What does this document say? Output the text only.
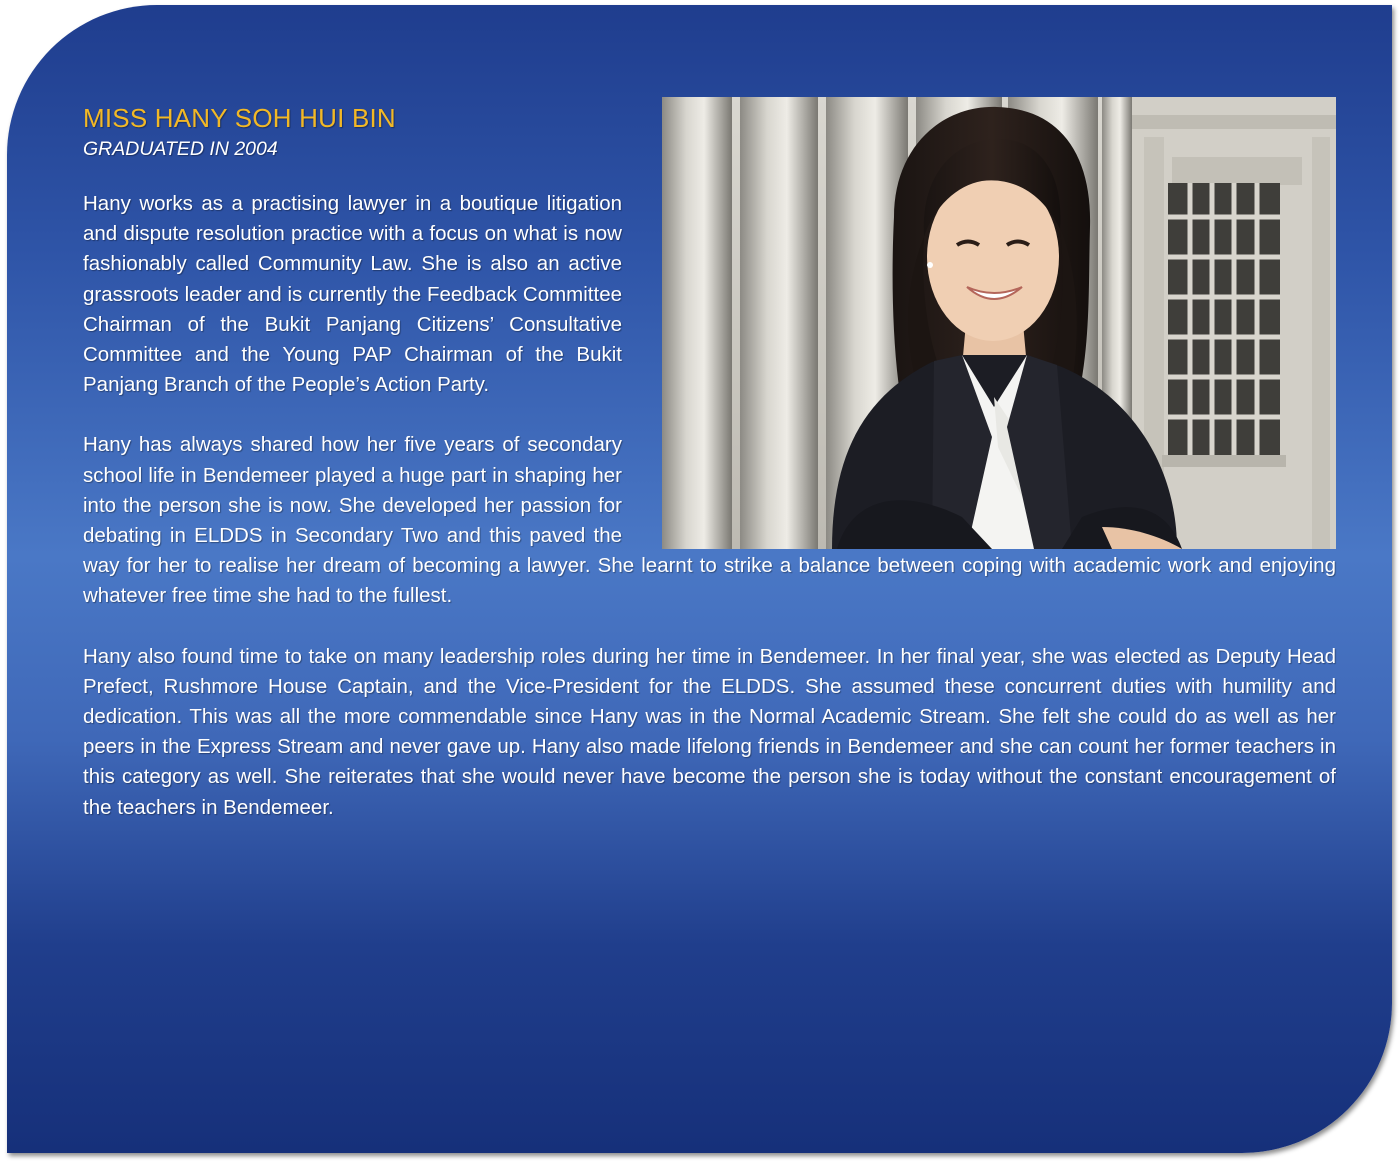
MISS HANY SOH HUI BIN
GRADUATED IN 2004

Hany works as a practising lawyer in a boutique litigation and dispute resolution practice with a focus on what is now fashionably called Community Law. She is also an active grassroots leader and is currently the Feedback Committee Chairman of the Bukit Panjang Citizens’ Consultative Committee and the Young PAP Chairman of the Bukit Panjang Branch of the People’s Action Party.

Hany has always shared how her five years of secondary school life in Bendemeer played a huge part in shaping her into the person she is now. She developed her passion for debating in ELDDS in Secondary Two and this paved the way for her to realise her dream of becoming a lawyer. She learnt to strike a balance between coping with academic work and enjoying whatever free time she had to the fullest.

Hany also found time to take on many leadership roles during her time in Bendemeer. In her final year, she was elected as Deputy Head Prefect, Rushmore House Captain, and the Vice-President for the ELDDS. She assumed these concurrent duties with humility and dedication. This was all the more commendable since Hany was in the Normal Academic Stream. She felt she could do as well as her peers in the Express Stream and never gave up. Hany also made lifelong friends in Bendemeer and she can count her former teachers in this category as well. She reiterates that she would never have become the person she is today without the constant encouragement of the teachers in Bendemeer.
